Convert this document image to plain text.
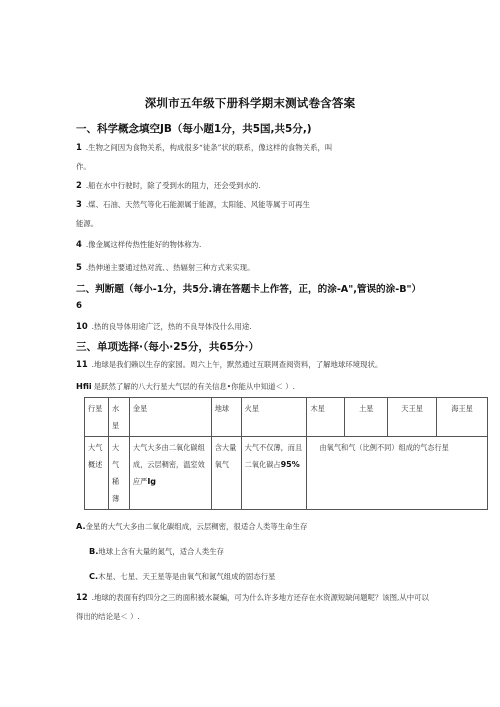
深圳市五年级下册科学期末测试卷含答案
一、科学概念填空JB（每小题1分，共5国,共5分,)
1 .生物之间因为食物关系，构成很多“徒条”状的联系，像这样的食物关系，叫
作。
2 .船在水中行驶时，除了受到水的阻力，还会受到水的.
3 .煤、石油、天然气等化石能源属于能源，太阳能、风能等属于可再生
能源。
4 .像金属这样传热性能好的物体称为.
5 .热伸递主要通过热对流、、热辐射三种方式来实现。
二、判断题（每小-1分，共5分.请在答题卡上作答，正，的涂-A",管误的涂-B"）
6
10 .热的良导体用途广泛，热的不良导体没什么用途.
三、单项选择·（每小·25分，共65分·）
11 .地球是我们赖以生存的家园。周六上午，默然通过互联网查阅资料，了解地球环境现状。
Hfii 是跃然了解的八大行星大气层的有关信息•你能从中知道＜ ）.
行星	水星	金星	地球	火星	木星	土星	天王星	海王星
大气概述	大气稀薄	大气大多由二氧化碳组成，云层稠密，温室效应严Ig	含大量氧气	大气不仅薄，而且二氧化碳占95%	由氧气和气（比例不同）组成的气态行星			
A.金星的大气大多由二氧化碳组成，云层稠密，很适合人类等生命生存
B.地球上含有大量的氮气，适合人类生存
C.木星、七星、天王星等是由氧气和氮气组成的固态行星
12 .地球的表面有约四分之三的面积被水凝蝙，可为什么许多地方还存在水资源短缺问题呢？该图,从中可以
得出的结论是＜ ）.
